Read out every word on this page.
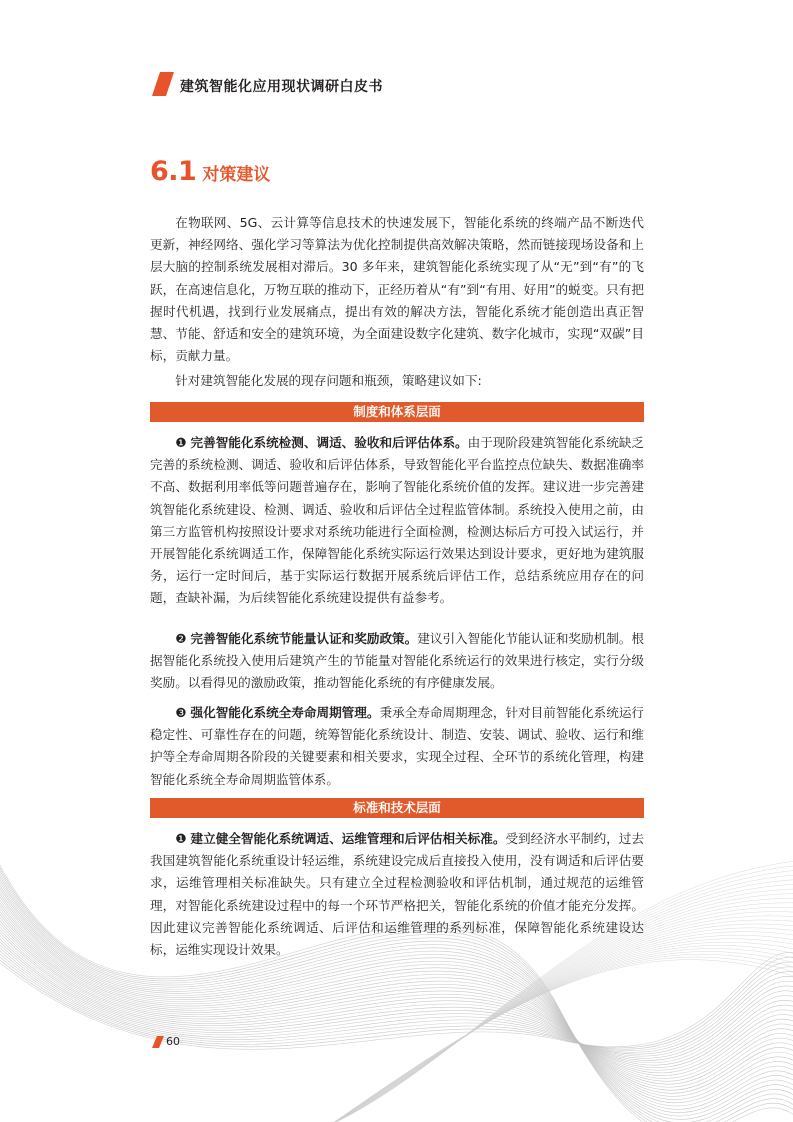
建筑智能化应用现状调研白皮书
6.1 对策建议
在物联网、5G、云计算等信息技术的快速发展下，智能化系统的终端产品不断迭代更新，神经网络、强化学习等算法为优化控制提供高效解决策略，然而链接现场设备和上层大脑的控制系统发展相对滞后。30 多年来，建筑智能化系统实现了从“无”到“有”的飞跃，在高速信息化，万物互联的推动下，正经历着从“有”到“有用、好用”的蜕变。只有把握时代机遇，找到行业发展痛点，提出有效的解决方法，智能化系统才能创造出真正智慧、节能、舒适和安全的建筑环境，为全面建设数字化建筑、数字化城市，实现“双碳”目标，贡献力量。
针对建筑智能化发展的现存问题和瓶颈，策略建议如下:
制度和体系层面
❶ 完善智能化系统检测、调适、验收和后评估体系。由于现阶段建筑智能化系统缺乏完善的系统检测、调适、验收和后评估体系，导致智能化平台监控点位缺失、数据准确率不高、数据利用率低等问题普遍存在，影响了智能化系统价值的发挥。建议进一步完善建筑智能化系统建设、检测、调适、验收和后评估全过程监管体制。系统投入使用之前，由第三方监管机构按照设计要求对系统功能进行全面检测，检测达标后方可投入试运行，并开展智能化系统调适工作，保障智能化系统实际运行效果达到设计要求，更好地为建筑服务，运行一定时间后，基于实际运行数据开展系统后评估工作，总结系统应用存在的问题，查缺补漏，为后续智能化系统建设提供有益参考。
❷ 完善智能化系统节能量认证和奖励政策。建议引入智能化节能认证和奖励机制。根据智能化系统投入使用后建筑产生的节能量对智能化系统运行的效果进行核定，实行分级奖励。以看得见的激励政策，推动智能化系统的有序健康发展。
❸ 强化智能化系统全寿命周期管理。秉承全寿命周期理念，针对目前智能化系统运行稳定性、可靠性存在的问题，统筹智能化系统设计、制造、安装、调试、验收、运行和维护等全寿命周期各阶段的关键要素和相关要求，实现全过程、全环节的系统化管理，构建智能化系统全寿命周期监管体系。
标准和技术层面
❶ 建立健全智能化系统调适、运维管理和后评估相关标准。受到经济水平制约，过去我国建筑智能化系统重设计轻运维，系统建设完成后直接投入使用，没有调适和后评估要求，运维管理相关标准缺失。只有建立全过程检测验收和评估机制，通过规范的运维管理，对智能化系统建设过程中的每一个环节严格把关，智能化系统的价值才能充分发挥。因此建议完善智能化系统调适、后评估和运维管理的系列标准，保障智能化系统建设达标，运维实现设计效果。
60
